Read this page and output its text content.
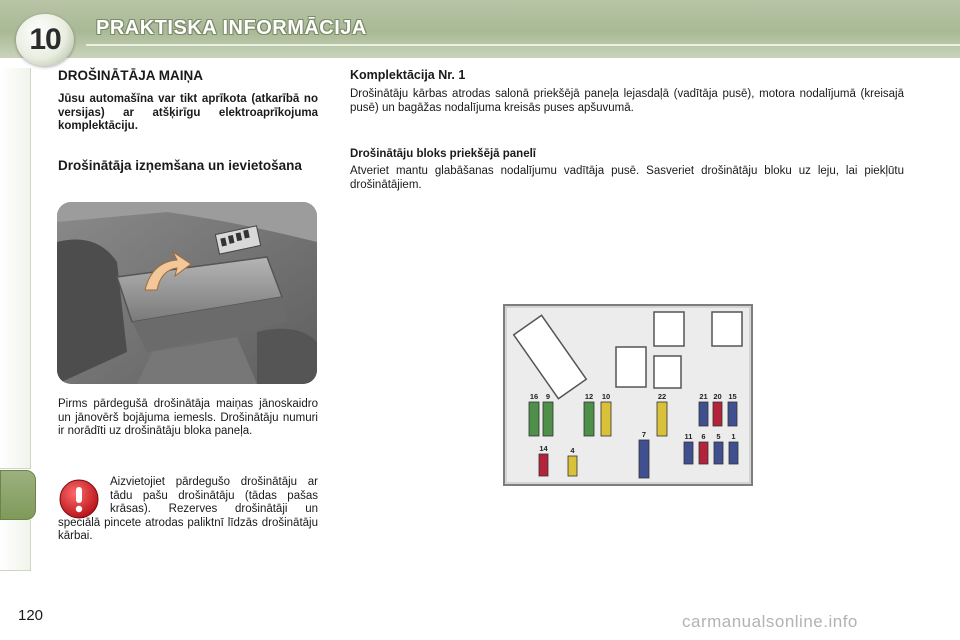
10 PRAKTISKA INFORMĀCIJA
DROŠINĀTĀJA MAIŅA
Jūsu automašīna var tikt aprīkota (atkarībā no versijas) ar atšķirīgu elektroaprīkojuma komplektāciju.
Drošinātāja izņemšana un ievietošana
Pirms pārdegušā drošinātāja maiņas jānoskaidro un jānovērš bojājuma iemesls. Drošinātāju numuri ir norādīti uz drošinātāju bloka paneļa.
Aizvietojiet pārdegušo drošinātāju ar tādu pašu drošinātāju (tādas pašas krāsas). Rezerves drošinātāji un speciālā pincete atrodas paliktnī līdzās drošinātāju kārbai.
Komplektācija Nr. 1
Drošinātāju kārbas atrodas salonā priekšējā paneļa lejasdaļā (vadītāja pusē), motora nodalījumā (kreisajā pusē) un bagāžas nodalījuma kreisās puses apšuvumā.
Drošinātāju bloks priekšējā panelī
Atveriet mantu glabāšanas nodalījumu vadītāja pusē. Sasveriet drošinātāju bloku uz leju, lai piekļūtu drošinātājiem.
16 9	12 10	22	21 20 15
14	4
7	11 6 5 1
120	carmanualsonline.info
